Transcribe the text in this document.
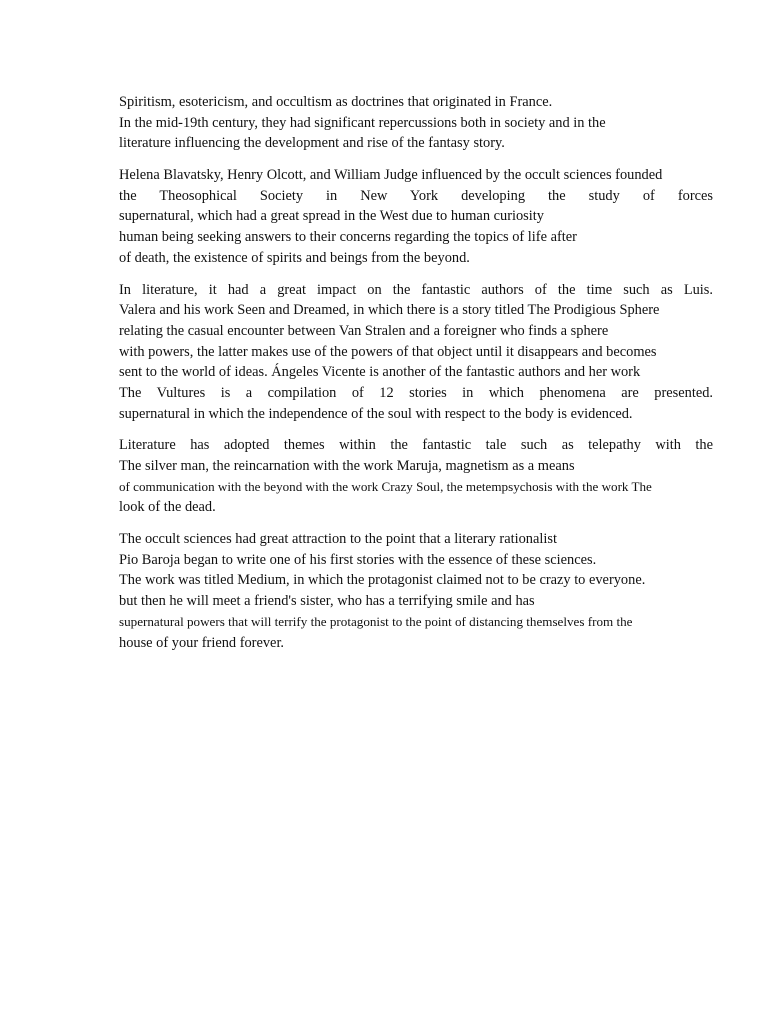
Spiritism, esotericism, and occultism as doctrines that originated in France.
In the mid-19th century, they had significant repercussions both in society and in the
literature influencing the development and rise of the fantasy story.
Helena Blavatsky, Henry Olcott, and William Judge influenced by the occult sciences founded
the Theosophical Society in New York developing the study of forces
supernatural, which had a great spread in the West due to human curiosity
human being seeking answers to their concerns regarding the topics of life after
of death, the existence of spirits and beings from the beyond.
In literature, it had a great impact on the fantastic authors of the time such as Luis.
Valera and his work Seen and Dreamed, in which there is a story titled The Prodigious Sphere
relating the casual encounter between Van Stralen and a foreigner who finds a sphere
with powers, the latter makes use of the powers of that object until it disappears and becomes
sent to the world of ideas. Ángeles Vicente is another of the fantastic authors and her work
The Vultures is a compilation of 12 stories in which phenomena are presented.
supernatural in which the independence of the soul with respect to the body is evidenced.
Literature has adopted themes within the fantastic tale such as telepathy with the
The silver man, the reincarnation with the work Maruja, magnetism as a means
of communication with the beyond with the work Crazy Soul, the metempsychosis with the work The
look of the dead.
The occult sciences had great attraction to the point that a literary rationalist
Pio Baroja began to write one of his first stories with the essence of these sciences.
The work was titled Medium, in which the protagonist claimed not to be crazy to everyone.
but then he will meet a friend's sister, who has a terrifying smile and has
supernatural powers that will terrify the protagonist to the point of distancing themselves from the
house of your friend forever.
